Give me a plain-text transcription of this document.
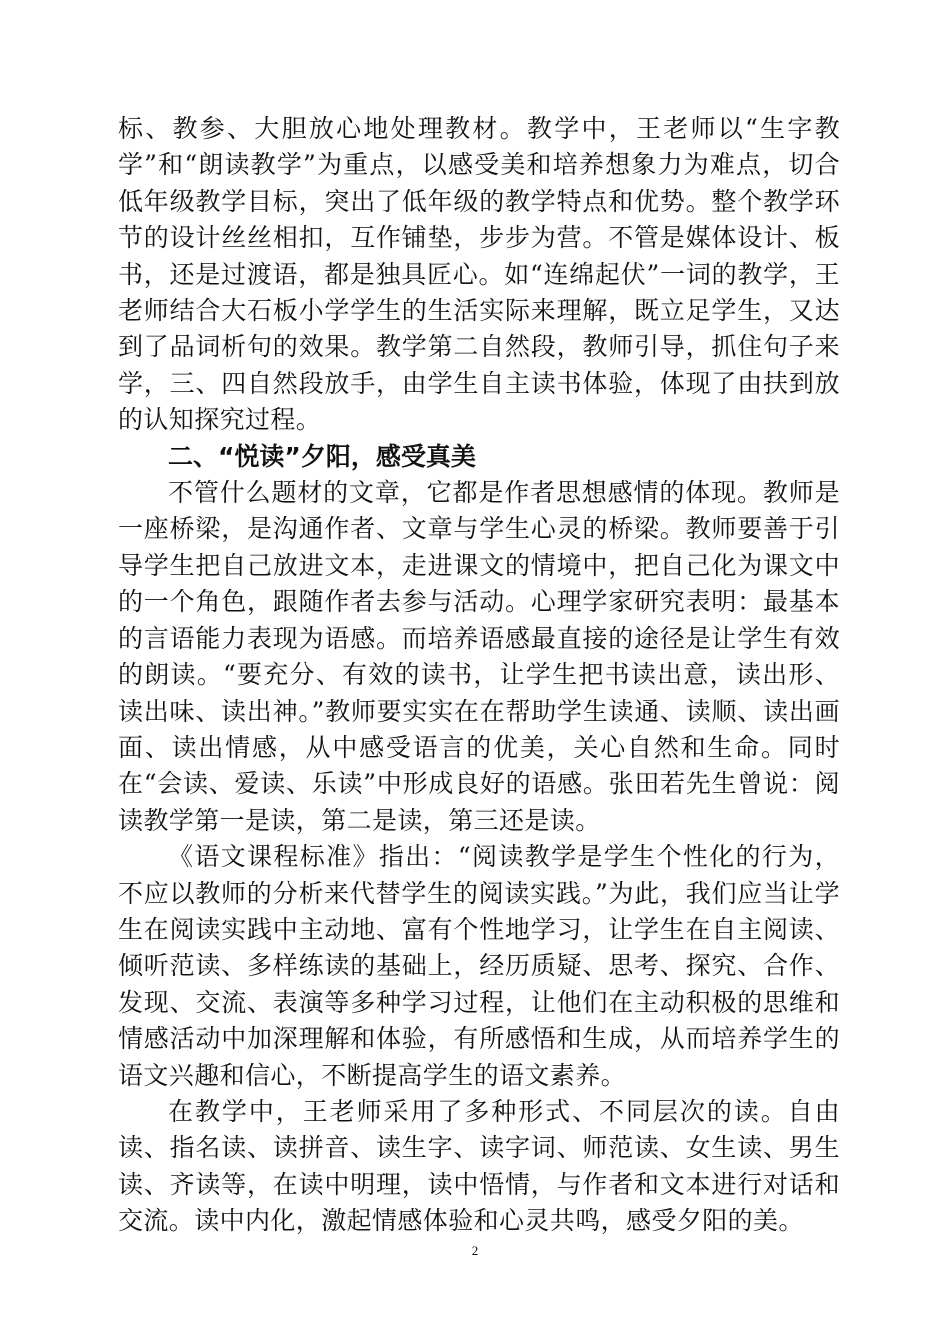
标、教参、大胆放心地处理教材。教学中，王老师以“生字教学”和“朗读教学”为重点，以感受美和培养想象力为难点，切合低年级教学目标，突出了低年级的教学特点和优势。整个教学环节的设计丝丝相扣，互作铺垫，步步为营。不管是媒体设计、板书，还是过渡语，都是独具匠心。如“连绵起伏”一词的教学，王老师结合大石板小学学生的生活实际来理解，既立足学生，又达到了品词析句的效果。教学第二自然段，教师引导，抓住句子来学，三、四自然段放手，由学生自主读书体验，体现了由扶到放的认知探究过程。

二、“悦读”夕阳，感受真美

不管什么题材的文章，它都是作者思想感情的体现。教师是一座桥梁，是沟通作者、文章与学生心灵的桥梁。教师要善于引导学生把自己放进文本，走进课文的情境中，把自己化为课文中的一个角色，跟随作者去参与活动。心理学家研究表明：最基本的言语能力表现为语感。而培养语感最直接的途径是让学生有效的朗读。“要充分、有效的读书，让学生把书读出意，读出形、读出味、读出神。”教师要实实在在帮助学生读通、读顺、读出画面、读出情感，从中感受语言的优美，关心自然和生命。同时在“会读、爱读、乐读”中形成良好的语感。张田若先生曾说：阅读教学第一是读，第二是读，第三还是读。

《语文课程标准》指出：“阅读教学是学生个性化的行为，不应以教师的分析来代替学生的阅读实践。”为此，我们应当让学生在阅读实践中主动地、富有个性地学习，让学生在自主阅读、倾听范读、多样练读的基础上，经历质疑、思考、探究、合作、发现、交流、表演等多种学习过程，让他们在主动积极的思维和情感活动中加深理解和体验，有所感悟和生成，从而培养学生的语文兴趣和信心，不断提高学生的语文素养。

在教学中，王老师采用了多种形式、不同层次的读。自由读、指名读、读拼音、读生字、读字词、师范读、女生读、男生读、齐读等，在读中明理，读中悟情，与作者和文本进行对话和交流。读中内化，激起情感体验和心灵共鸣，感受夕阳的美。

2
